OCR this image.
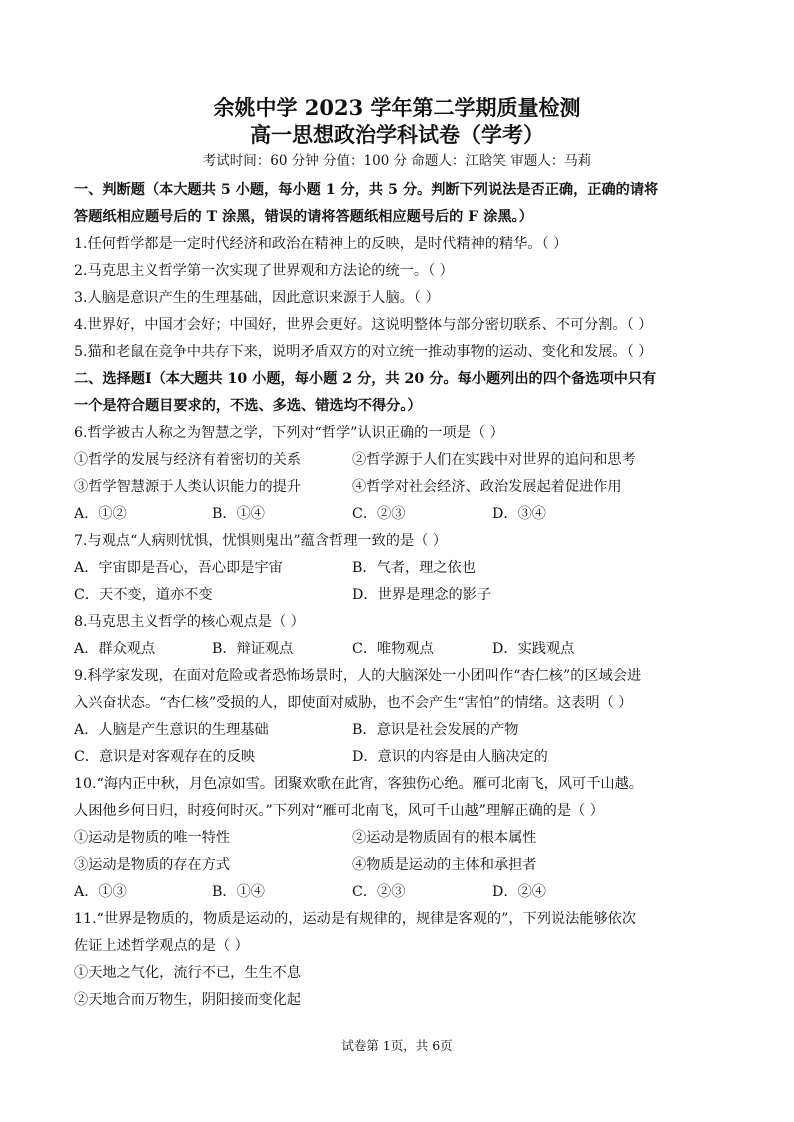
余姚中学 2023 学年第二学期质量检测
高一思想政治学科试卷（学考）
考试时间：60 分钟 分值：100 分 命题人：江晗笑 审题人：马莉
一、判断题（本大题共 5 小题，每小题 1 分，共 5 分。判断下列说法是否正确，正确的请将
答题纸相应题号后的 T 涂黑，错误的请将答题纸相应题号后的 F 涂黑。）
1.任何哲学都是一定时代经济和政治在精神上的反映，是时代精神的精华。（ ）
2.马克思主义哲学第一次实现了世界观和方法论的统一。（ ）
3.人脑是意识产生的生理基础，因此意识来源于人脑。（ ）
4.世界好，中国才会好；中国好，世界会更好。这说明整体与部分密切联系、不可分割。（ ）
5.猫和老鼠在竞争中共存下来，说明矛盾双方的对立统一推动事物的运动、变化和发展。（ ）
二、选择题Ⅰ（本大题共 10 小题，每小题 2 分，共 20 分。每小题列出的四个备选项中只有
一个是符合题目要求的，不选、多选、错选均不得分。）
6.哲学被古人称之为智慧之学，下列对“哲学”认识正确的一项是（ ）
①哲学的发展与经济有着密切的关系	②哲学源于人们在实践中对世界的追问和思考
③哲学智慧源于人类认识能力的提升	④哲学对社会经济、政治发展起着促进作用
A．①②	B．①④	C．②③	D．③④
7.与观点“人病则忧惧，忧惧则鬼出”蕴含哲理一致的是（ ）
A．宇宙即是吾心，吾心即是宇宙	B．气者，理之依也
C．天不变，道亦不变	D．世界是理念的影子
8.马克思主义哲学的核心观点是（ ）
A．群众观点	B．辩证观点	C．唯物观点	D．实践观点
9.科学家发现，在面对危险或者恐怖场景时，人的大脑深处一小团叫作“杏仁核”的区域会进
入兴奋状态。“杏仁核”受损的人，即使面对威胁，也不会产生“害怕”的情绪。这表明（ ）
A．人脑是产生意识的生理基础	B．意识是社会发展的产物
C．意识是对客观存在的反映	D．意识的内容是由人脑决定的
10.“海内正中秋，月色凉如雪。团聚欢歌在此宵，客独伤心绝。雁可北南飞，风可千山越。
人困他乡何日归，时疫何时灭。”下列对“雁可北南飞，风可千山越”理解正确的是（ ）
①运动是物质的唯一特性	②运动是物质固有的根本属性
③运动是物质的存在方式	④物质是运动的主体和承担者
A．①③	B．①④	C．②③	D．②④
11.“世界是物质的，物质是运动的，运动是有规律的，规律是客观的”，下列说法能够依次
佐证上述哲学观点的是（ ）
①天地之气化，流行不已，生生不息
②天地合而万物生，阴阳接而变化起
试卷第 1页，共 6页
